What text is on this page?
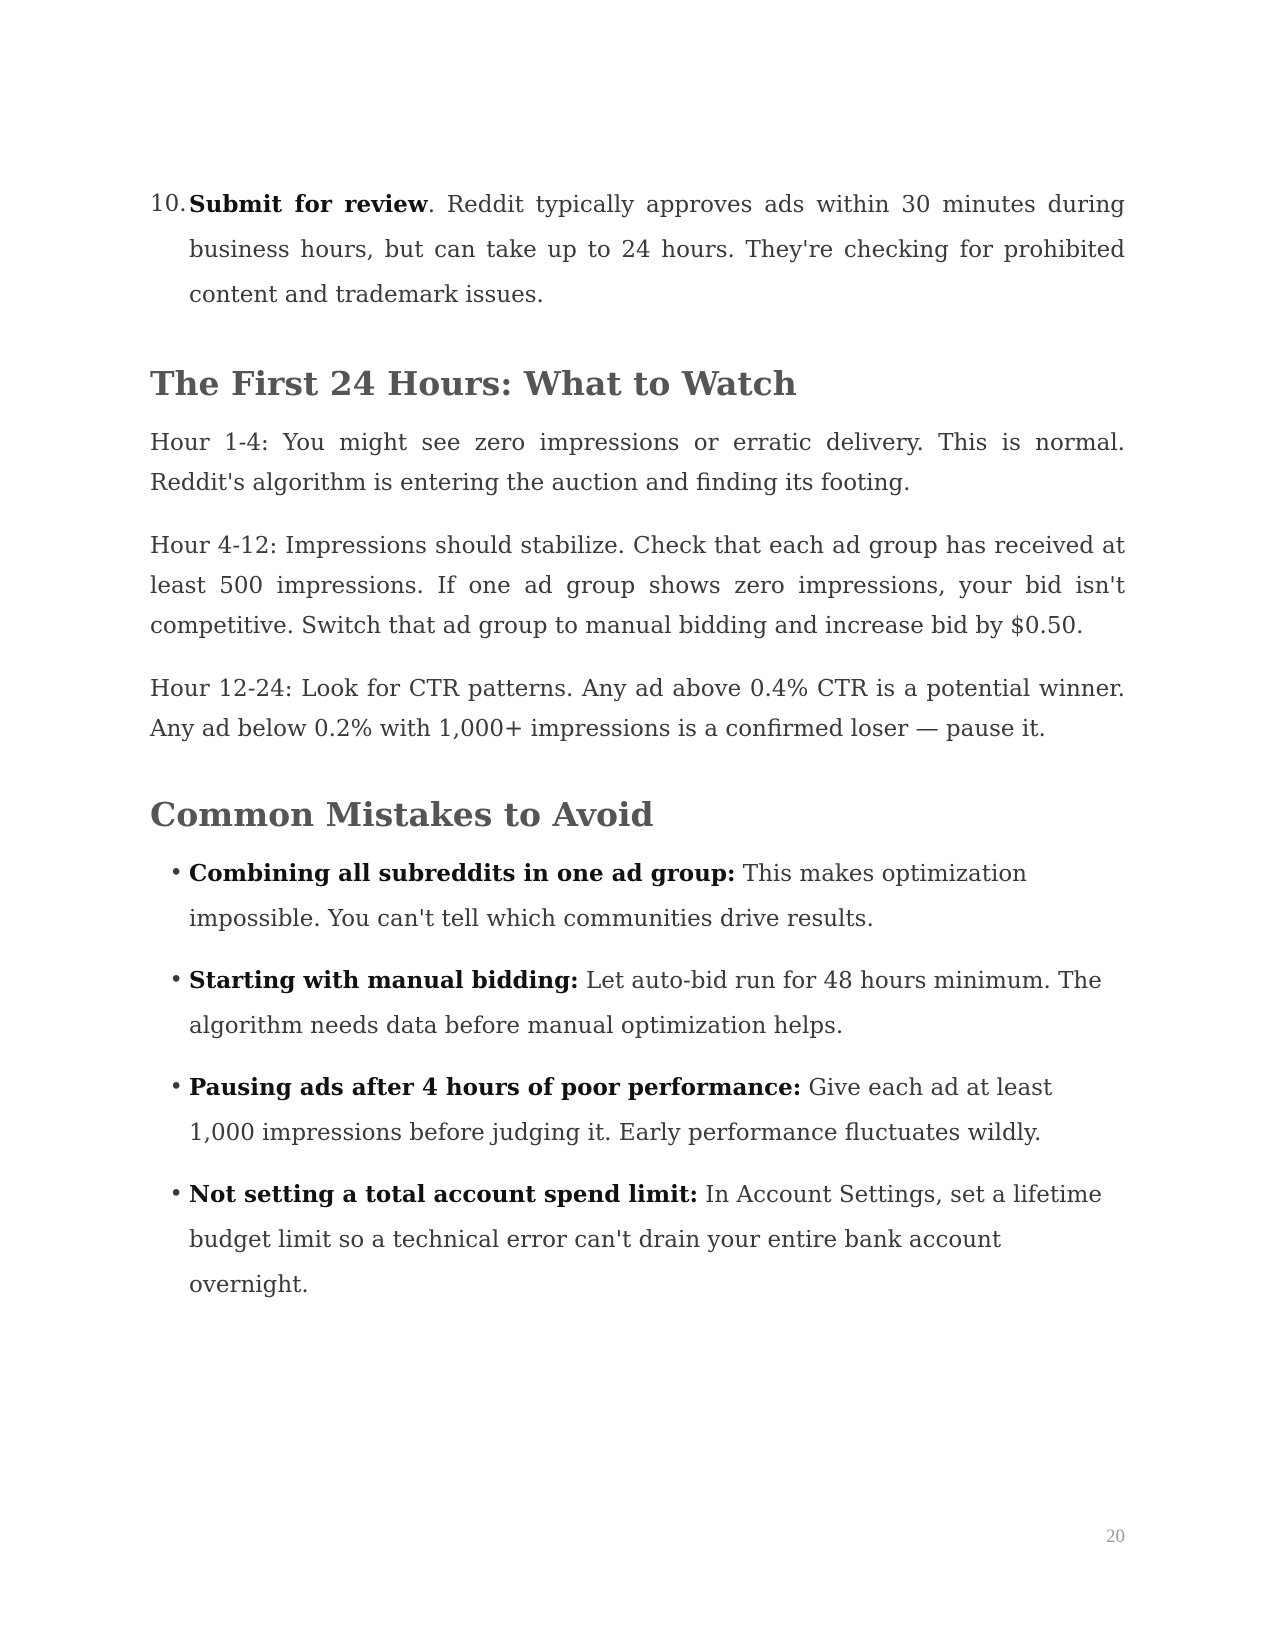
10. Submit for review. Reddit typically approves ads within 30 minutes during business hours, but can take up to 24 hours. They're checking for prohibited content and trademark issues.
The First 24 Hours: What to Watch

Hour 1-4: You might see zero impressions or erratic delivery. This is normal. Reddit's algorithm is entering the auction and finding its footing.

Hour 4-12: Impressions should stabilize. Check that each ad group has received at least 500 impressions. If one ad group shows zero impressions, your bid isn't competitive. Switch that ad group to manual bidding and increase bid by $0.50.

Hour 12-24: Look for CTR patterns. Any ad above 0.4% CTR is a potential winner. Any ad below 0.2% with 1,000+ impressions is a confirmed loser — pause it.

Common Mistakes to Avoid
• Combining all subreddits in one ad group: This makes optimization impossible. You can't tell which communities drive results.
• Starting with manual bidding: Let auto-bid run for 48 hours minimum. The algorithm needs data before manual optimization helps.
• Pausing ads after 4 hours of poor performance: Give each ad at least 1,000 impressions before judging it. Early performance fluctuates wildly.
• Not setting a total account spend limit: In Account Settings, set a lifetime budget limit so a technical error can't drain your entire bank account overnight.
20
